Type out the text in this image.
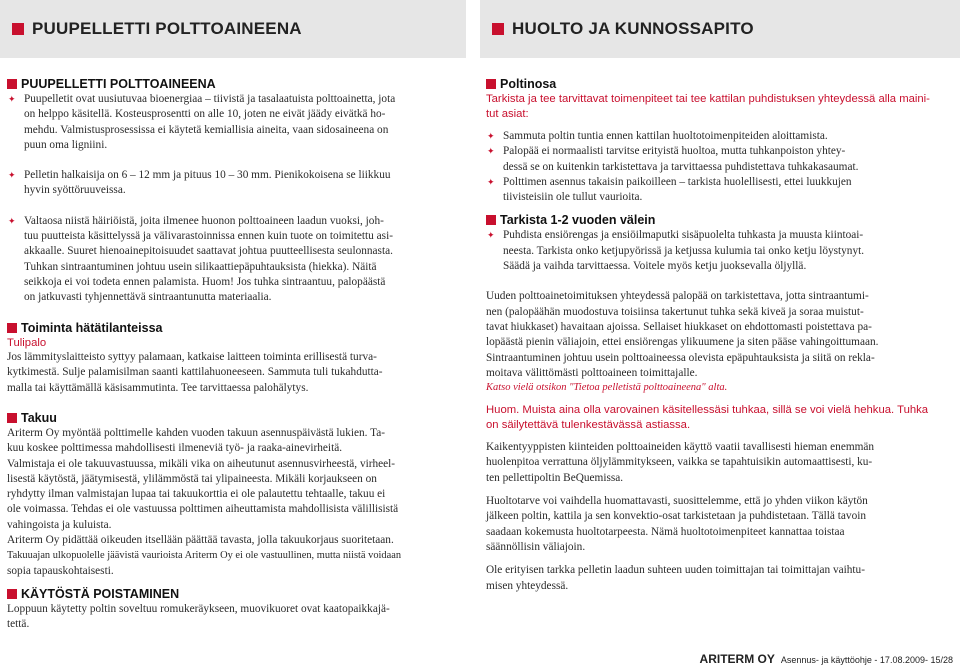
PUUPELLETTI POLTTOAINEENA	HUOLTO JA KUNNOSSAPITO

PUUPELLETTI POLTTOAINEENA

✦ Puupelletit ovat uusiutuvaa bioenergiaa – tiivistä ja tasalaatuista polttoainetta, jota
on helppo käsitellä. Kosteusprosentti on alle 10, joten ne eivät jäädy eivätkä ho-
mehdu. Valmistusprosessissa ei käytetä kemiallisia aineita, vaan sidosaineena on
puun oma ligniini.
✦ Pelletin halkaisija on 6 – 12 mm ja pituus 10 – 30 mm. Pienikokoisena se liikkuu
hyvin syöttöruuveissa.
✦ Valtaosa niistä häiriöistä, joita ilmenee huonon polttoaineen laadun vuoksi, joh-
tuu puutteista käsittelyssä ja välivarastoinnissa ennen kuin tuote on toimitettu asi-
akkaalle. Suuret hienoainepitoisuudet saattavat johtua puutteellisesta seulonnasta.
Tuhkan sintraantuminen johtuu usein silikaattiepäpuhtauksista (hiekka). Näitä
seikkoja ei voi todeta ennen palamista. Huom! Jos tuhka sintraantuu, palopäästä
on jatkuvasti tyhjennettävä sintraantunutta materiaalia.

Toiminta hätätilanteissa

Tulipalo

Jos lämmityslaitteisto syttyy palamaan, katkaise laitteen toiminta erillisestä turva-
kytkimestä. Sulje palamisilman saanti kattilahuoneeseen. Sammuta tuli tukahdutta-
malla tai käyttämällä käsisammutinta. Tee tarvittaessa palohälytys.

Takuu

Ariterm Oy myöntää polttimelle kahden vuoden takuun asennuspäivästä lukien. Ta-
kuu koskee polttimessa mahdollisesti ilmeneviä työ- ja raaka-ainevirheitä.
Valmistaja ei ole takuuvastuussa, mikäli vika on aiheutunut asennusvirheestä, virheel-
lisestä käytöstä, jäätymisestä, ylilämmöstä tai ylipaineesta. Mikäli korjaukseen on
ryhdytty ilman valmistajan lupaa tai takuukorttia ei ole palautettu tehtaalle, takuu ei
ole voimassa. Tehdas ei ole vastuussa polttimen aiheuttamista mahdollisista välillisistä
vahingoista ja kuluista.
Ariterm Oy pidättää oikeuden itsellään päättää tavasta, jolla takuukorjaus suoritetaan.
Takuuajan ulkopuolelle jäävistä vaurioista Ariterm Oy ei ole vastuullinen, mutta niistä voidaan
sopia tapauskohtaisesti.

KÄYTÖSTÄ POISTAMINEN

Loppuun käytetty poltin soveltuu romukeräykseen, muovikuoret ovat kaatopaikkajä-
tettä.

Poltinosa

Tarkista ja tee tarvittavat toimenpiteet tai tee kattilan puhdistuksen yhteydessä alla maini-
tut asiat:

✦ Sammuta poltin tuntia ennen kattilan huoltotoimenpiteiden aloittamista.
✦ Palopää ei normaalisti tarvitse erityistä huoltoa, mutta tuhkanpoiston yhtey-
dessä se on kuitenkin tarkistettava ja tarvittaessa puhdistettava tuhkakasaumat.
✦ Polttimen asennus takaisin paikoilleen – tarkista huolellisesti, ettei luukkujen
tiivisteisiin ole tullut vaurioita.

Tarkista 1-2 vuoden välein

✦ Puhdista ensiörengas ja ensiöilmaputki sisäpuolelta tuhkasta ja muusta kiintoai-
neesta. Tarkista onko ketjupyörissä ja ketjussa kulumia tai onko ketju löystynyt.
Säädä ja vaihda tarvittaessa. Voitele myös ketju juoksevalla öljyllä.

Uuden polttoainetoimituksen yhteydessä palopää on tarkistettava, jotta sintraantumi-
nen (palopäähän muodostuva toisiinsa takertunut tuhka sekä kiveä ja soraa muistut-
tavat hiukkaset) havaitaan ajoissa. Sellaiset hiukkaset on ehdottomasti poistettava pa-
lopäästä pienin väliajoin, ettei ensiörengas ylikuumene ja siten pääse vahingoittumaan.
Sintraantuminen johtuu usein polttoaineessa olevista epäpuhtauksista ja siitä on rekla-
moitava välittömästi polttoaineen toimittajalle.

Katso vielä otsikon "Tietoa pelletistä polttoaineena" alta.

Huom. Muista aina olla varovainen käsitellessäsi tuhkaa, sillä se voi vielä hehkua. Tuhka
on säilytettävä tulenkestävässä astiassa.

Kaikentyyppisten kiinteiden polttoaineiden käyttö vaatii tavallisesti hieman enemmän
huolenpitoa verrattuna öljylämmitykseen, vaikka se tapahtuisikin automaattisesti, ku-
ten pellettipoltin BeQuemissa.

Huoltotarve voi vaihdella huomattavasti, suosittelemme, että jo yhden viikon käytön
jälkeen poltin, kattila ja sen konvektio-osat tarkistetaan ja puhdistetaan. Tällä tavoin
saadaan kokemusta huoltotarpeesta. Nämä huoltotoimenpiteet kannattaa toistaa
säännöllisin väliajoin.

Ole erityisen tarkka pelletin laadun suhteen uuden toimittajan tai toimittajan vaihtu-
misen yhteydessä.

ARITERM OY Asennus- ja käyttöohje - 17.08.2009- 15/28
